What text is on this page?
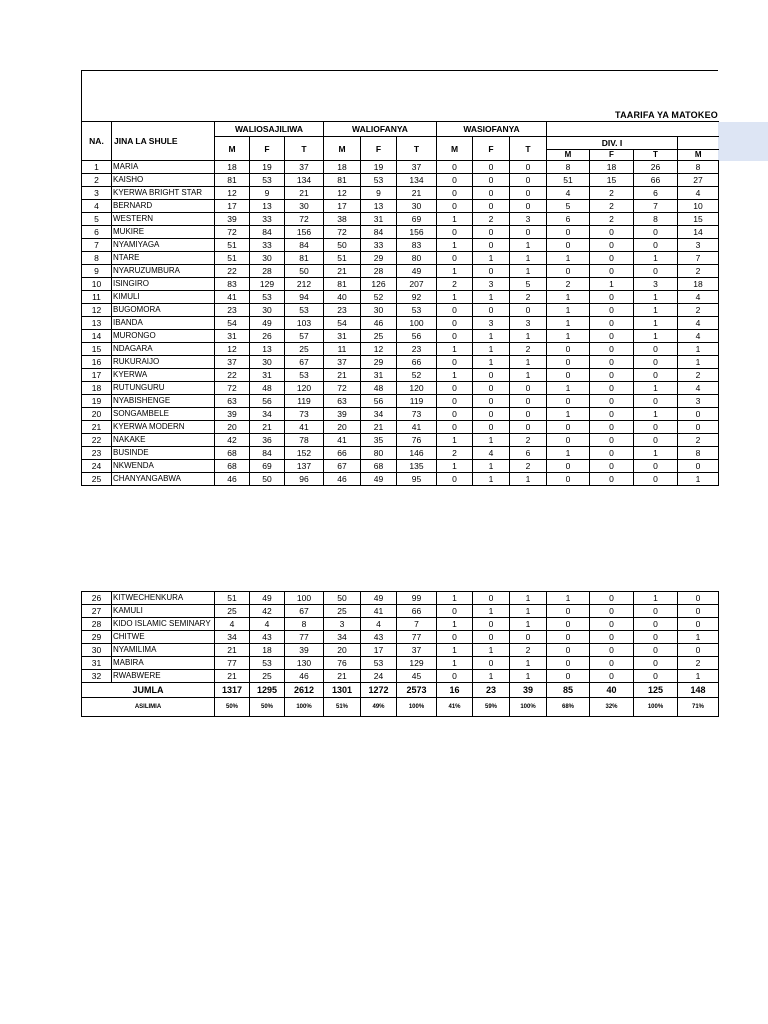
TAARIFA YA MATOKEO
NA.	JINA LA SHULE	WALIOSAJILIWA			WALIOFANYA			WASIOFANYA						
		M	F	T	M	F	T	M	F	T	DIV. I			
											M	F	T	M
1	MARIA	18	19	37	18	19	37	0	0	0	8	18	26	8
2	KAISHO	81	53	134	81	53	134	0	0	0	51	15	66	27
3	KYERWA BRIGHT STAR	12	9	21	12	9	21	0	0	0	4	2	6	4
4	BERNARD	17	13	30	17	13	30	0	0	0	5	2	7	10
5	WESTERN	39	33	72	38	31	69	1	2	3	6	2	8	15
6	MUKIRE	72	84	156	72	84	156	0	0	0	0	0	0	14
7	NYAMIYAGA	51	33	84	50	33	83	1	0	1	0	0	0	3
8	NTARE	51	30	81	51	29	80	0	1	1	1	0	1	7
9	NYARUZUMBURA	22	28	50	21	28	49	1	0	1	0	0	0	2
10	ISINGIRO	83	129	212	81	126	207	2	3	5	2	1	3	18
11	KIMULI	41	53	94	40	52	92	1	1	2	1	0	1	4
12	BUGOMORA	23	30	53	23	30	53	0	0	0	1	0	1	2
13	IBANDA	54	49	103	54	46	100	0	3	3	1	0	1	4
14	MURONGO	31	26	57	31	25	56	0	1	1	1	0	1	4
15	NDAGARA	12	13	25	11	12	23	1	1	2	0	0	0	1
16	RUKURAIJO	37	30	67	37	29	66	0	1	1	0	0	0	1
17	KYERWA	22	31	53	21	31	52	1	0	1	0	0	0	2
18	RUTUNGURU	72	48	120	72	48	120	0	0	0	1	0	1	4
19	NYABISHENGE	63	56	119	63	56	119	0	0	0	0	0	0	3
20	SONGAMBELE	39	34	73	39	34	73	0	0	0	1	0	1	0
21	KYERWA MODERN	20	21	41	20	21	41	0	0	0	0	0	0	0
22	NAKAKE	42	36	78	41	35	76	1	1	2	0	0	0	2
23	BUSINDE	68	84	152	66	80	146	2	4	6	1	0	1	8
24	NKWENDA	68	69	137	67	68	135	1	1	2	0	0	0	0
25	CHANYANGABWA	46	50	96	46	49	95	0	1	1	0	0	0	1
26	KITWECHENKURA	51	49	100	50	49	99	1	0	1	1	0	1	0
27	KAMULI	25	42	67	25	41	66	0	1	1	0	0	0	0
28	KIDO ISLAMIC SEMINARY	4	4	8	3	4	7	1	0	1	0	0	0	0
29	CHITWE	34	43	77	34	43	77	0	0	0	0	0	0	1
30	NYAMILIMA	21	18	39	20	17	37	1	1	2	0	0	0	0
31	MABIRA	77	53	130	76	53	129	1	0	1	0	0	0	2
32	RWABWERE	21	25	46	21	24	45	0	1	1	0	0	0	1
JUMLA		1317	1295	2612	1301	1272	2573	16	23	39	85	40	125	148
ASILIMIA		50%	50%	100%	51%	49%	100%	41%	59%	100%	68%	32%	100%	71%
